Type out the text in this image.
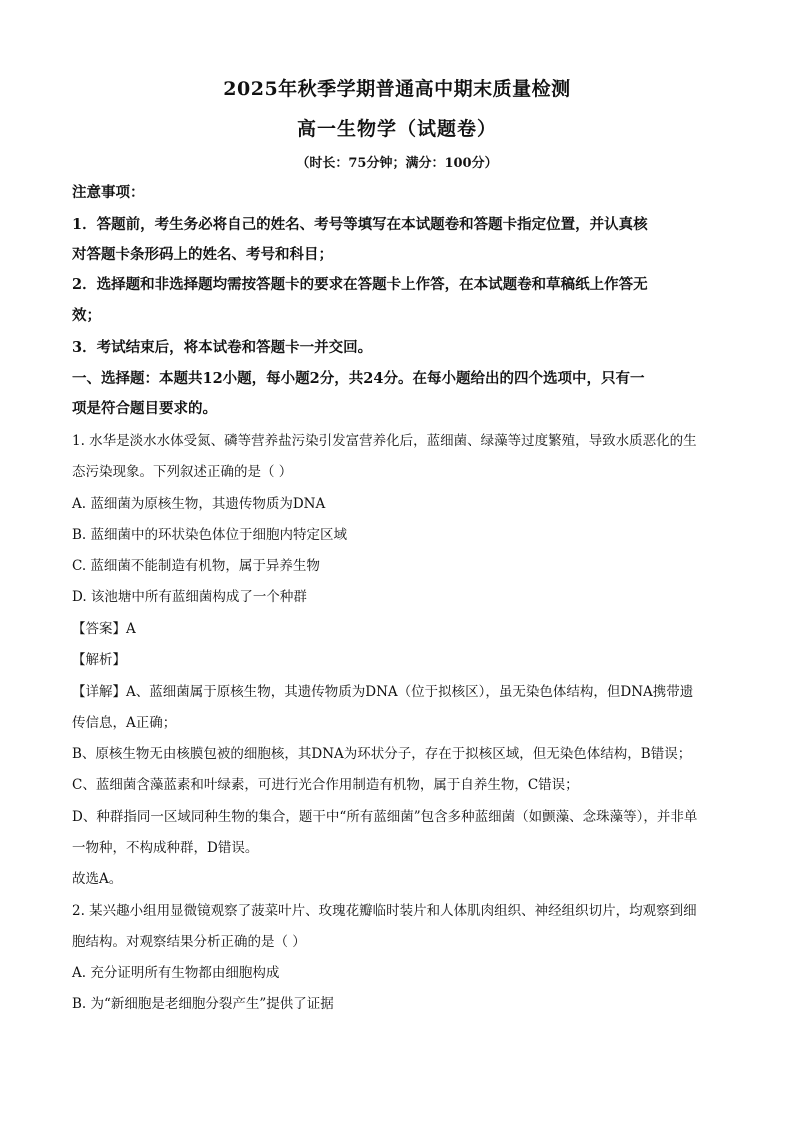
2025年秋季学期普通高中期末质量检测
高一生物学（试题卷）
（时长：75分钟；满分：100分）
注意事项：
1．答题前，考生务必将自己的姓名、考号等填写在本试题卷和答题卡指定位置，并认真核
对答题卡条形码上的姓名、考号和科目；
2．选择题和非选择题均需按答题卡的要求在答题卡上作答，在本试题卷和草稿纸上作答无
效；
3．考试结束后，将本试卷和答题卡一并交回。
一、选择题：本题共12小题，每小题2分，共24分。在每小题给出的四个选项中，只有一
项是符合题目要求的。
1. 水华是淡水水体受氮、磷等营养盐污染引发富营养化后，蓝细菌、绿藻等过度繁殖，导致水质恶化的生
态污染现象。下列叙述正确的是（ ）
A. 蓝细菌为原核生物，其遗传物质为DNA
B. 蓝细菌中的环状染色体位于细胞内特定区域
C. 蓝细菌不能制造有机物，属于异养生物
D. 该池塘中所有蓝细菌构成了一个种群
【答案】A
【解析】
【详解】A、蓝细菌属于原核生物，其遗传物质为DNA（位于拟核区），虽无染色体结构，但DNA携带遗
传信息，A正确；
B、原核生物无由核膜包被的细胞核，其DNA为环状分子，存在于拟核区域，但无染色体结构，B错误；
C、蓝细菌含藻蓝素和叶绿素，可进行光合作用制造有机物，属于自养生物，C错误；
D、种群指同一区域同种生物的集合，题干中“所有蓝细菌”包含多种蓝细菌（如颤藻、念珠藻等），并非单
一物种，不构成种群，D错误。
故选A。
2. 某兴趣小组用显微镜观察了菠菜叶片、玫瑰花瓣临时装片和人体肌肉组织、神经组织切片，均观察到细
胞结构。对观察结果分析正确的是（ ）
A. 充分证明所有生物都由细胞构成
B. 为“新细胞是老细胞分裂产生”提供了证据
